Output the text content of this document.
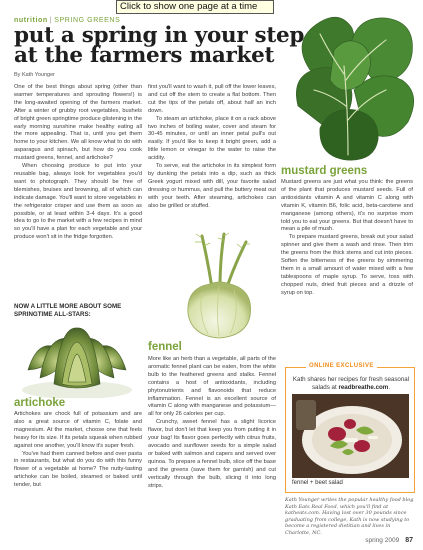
Click to show one page at a time
nutrition | SPRING GREENS
put a spring in your step at the farmers market
By Kath Younger

One of the best things about spring (other than warmer temperatures and sprouting flowers!) is the long-awaited opening of the farmers market. After a winter of grubby root vegetables, bushels of bright green springtime produce glistening in the early morning sunshine make healthy eating all the more appealing. That is, until you get them home to your kitchen. We all know what to do with asparagus and spinach, but how do you cook mustard greens, fennel, and artichoke?

When choosing produce to put into your reusable bag, always look for vegetables you'd want to photograph. They should be free of blemishes, bruises and browning, all of which can indicate damage. You'll want to store vegetables in the refrigerator crisper and use them as soon as possible, or at least within 3-4 days. It's a good idea to go to the market with a few recipes in mind so you'll have a plan for each vegetable and your produce won't sit in the fridge forgotten.

NOW A LITTLE MORE ABOUT SOME SPRINGTIME ALL-STARS:
artichoke

Artichokes are chock full of potassium and are also a great source of vitamin C, folate and magnesium. At the market, choose one that feels heavy for its size. If its petals squeak when rubbed against one another, you'll know it's super fresh.

You've had them canned before and over pasta in restaurants, but what do you do with this funny flower of a vegetable at home? The nutty-tasting artichoke can be boiled, steamed or baked until tender, but

first you'll want to wash it, pull off the lower leaves, and cut off the stem to create a flat bottom. Then cut the tips of the petals off, about half an inch down.

To steam an artichoke, place it on a rack above two inches of boiling water, cover and steam for 30-45 minutes, or until an inner petal pull's out easily. If you'd like to keep it bright green, add a little lemon or vinegar to the water to raise the acidity.

To serve, eat the artichoke in its simplest form by dunking the petals into a dip, such as thick Greek yogurt mixed with dill, your favorite salad dressing or hummus, and pull the buttery meat out with your teeth. After steaming, artichokes can also be grilled or stuffed.

fennel

More like an herb than a vegetable, all parts of the aromatic fennel plant can be eaten, from the white bulb to the feathered greens and stalks. Fennel contains a host of antioxidants, including phytonutrients and flavonoids that reduce inflammation. Fennel is an excellent source of vitamin C along with manganese and potassium—all for only 26 calories per cup.

Crunchy, sweet fennel has a slight licorice flavor, but don't let that keep you from putting it in your bag! Its flavor goes perfectly with citrus fruits, avocado and sunflower seeds for a simple salad or baked with salmon and capers and served over quinoa. To prepare a fennel bulb, slice off the base and the greens (save them for garnish) and cut vertically through the bulb, slicing it into long strips.

mustard greens

Mustard greens are just what you think: the greens of the plant that produces mustard seeds. Full of antioxidants vitamin A and vitamin C along with vitamin K, vitamin B6, folic acid, beta-carotene and manganese (among others), it's no surprise mom told you to eat your greens. But that doesn't have to mean a pile of mush.

To prepare mustard greens, break out your salad spinner and give them a wash and rinse. Then trim the greens from the thick stems and cut into pieces. Soften the bitterness of the greens by simmering them in a small amount of water mixed with a few tablespoons of maple syrup. To serve, toss with chopped nuts, dried fruit pieces and a drizzle of syrup on top.

ONLINE EXCLUSIVE
Kath shares her recipes for fresh seasonal salads at readbreathe.com.
fennel + beet salad
Kath Younger writes the popular healthy food blog Kath Eats Real Food, which you'll find at katheats.com. Having lost over 30 pounds since graduating from college, Kath is now studying to become a registered dietitian and lives in Charlotte, NC.
spring 2009 87
